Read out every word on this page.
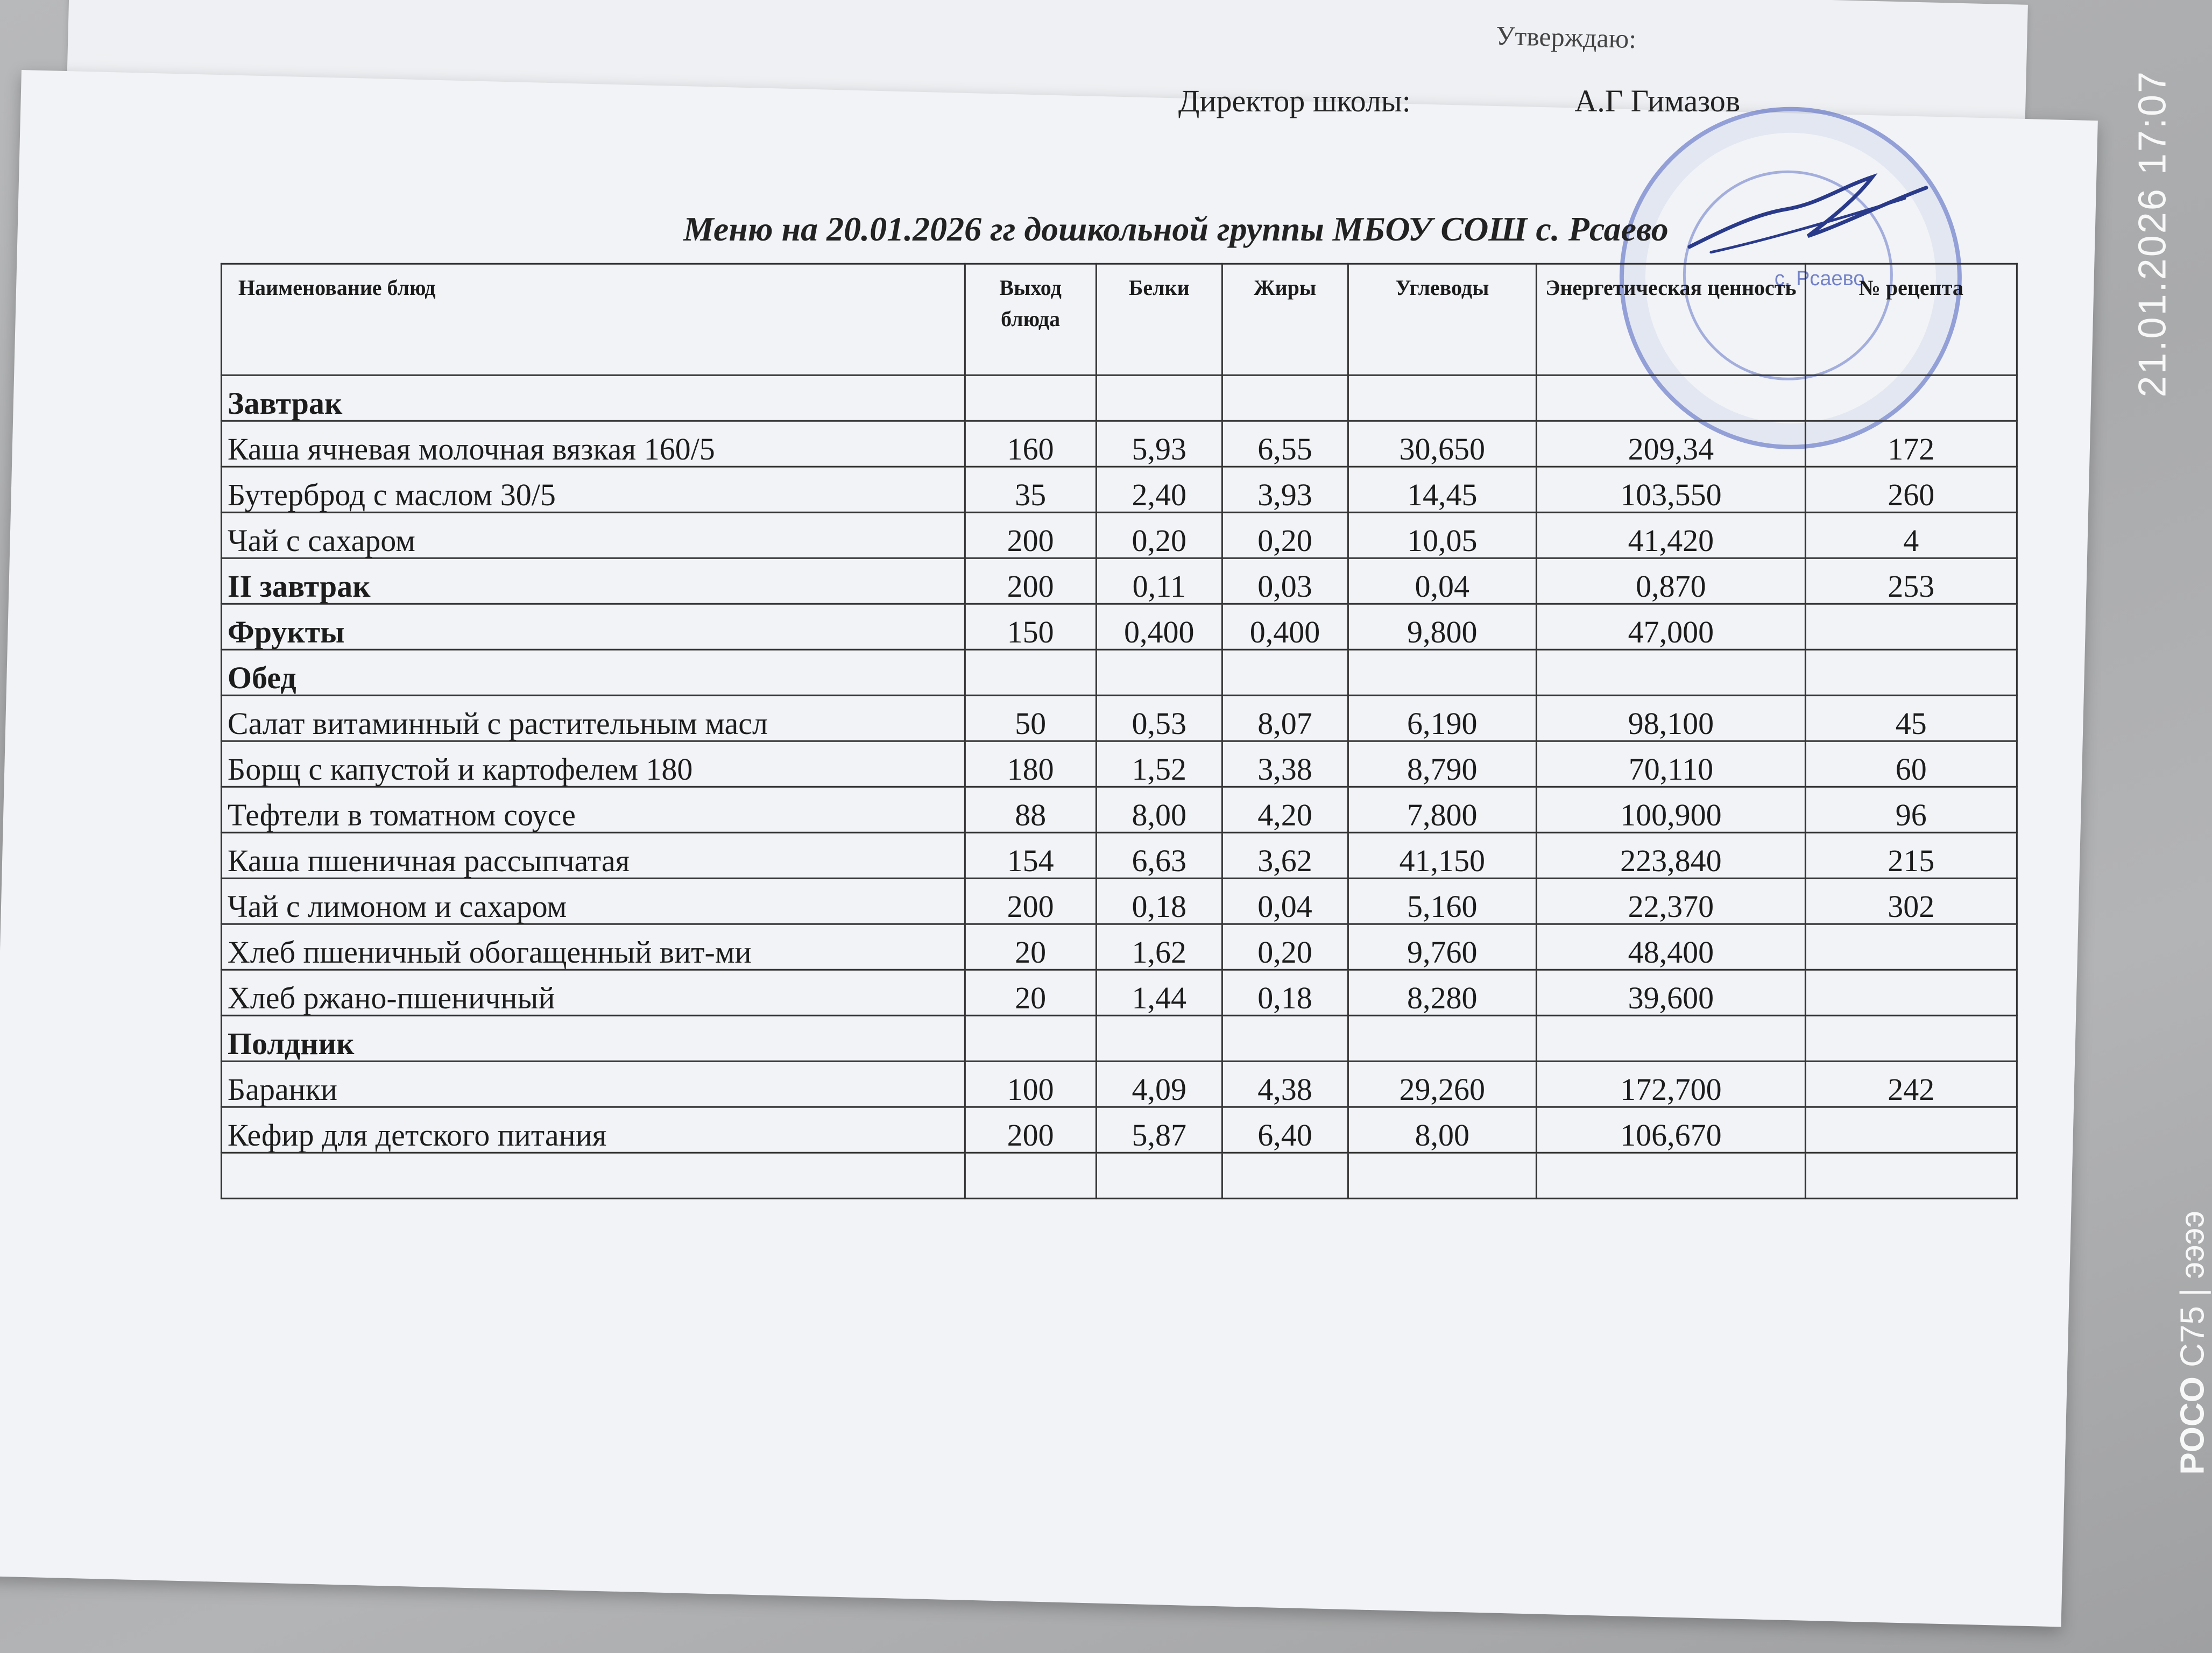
Утверждаю:
Директор школы:	А.Г Гимазов
с. Рсаево
Меню на 20.01.2026 гг дошкольной группы МБОУ СОШ с. Рсаево
Наименование блюд	Выход блюда	Белки	Жиры	Углеводы	Энергетическая ценность	№ рецепта
Завтрак						
Каша ячневая молочная вязкая 160/5	160	5,93	6,55	30,650	209,34	172
Бутерброд с маслом 30/5	35	2,40	3,93	14,45	103,550	260
Чай с сахаром	200	0,20	0,20	10,05	41,420	4
II завтрак	200	0,11	0,03	0,04	0,870	253
Фрукты	150	0,400	0,400	9,800	47,000	
Обед						
Салат витаминный с растительным масл	50	0,53	8,07	6,190	98,100	45
Борщ с капустой и картофелем 180	180	1,52	3,38	8,790	70,110	60
Тефтели в томатном соусе	88	8,00	4,20	7,800	100,900	96
Каша пшеничная рассыпчатая	154	6,63	3,62	41,150	223,840	215
Чай с лимоном и сахаром	200	0,18	0,04	5,160	22,370	302
Хлеб пшеничный обогащенный вит-ми	20	1,62	0,20	9,760	48,400	
Хлеб ржано-пшеничный	20	1,44	0,18	8,280	39,600	
Полдник						
Баранки	100	4,09	4,38	29,260	172,700	242
Кефир для детского питания	200	5,87	6,40	8,00	106,670	

21.01.2026 17:07
POCO C75 | ээээ
